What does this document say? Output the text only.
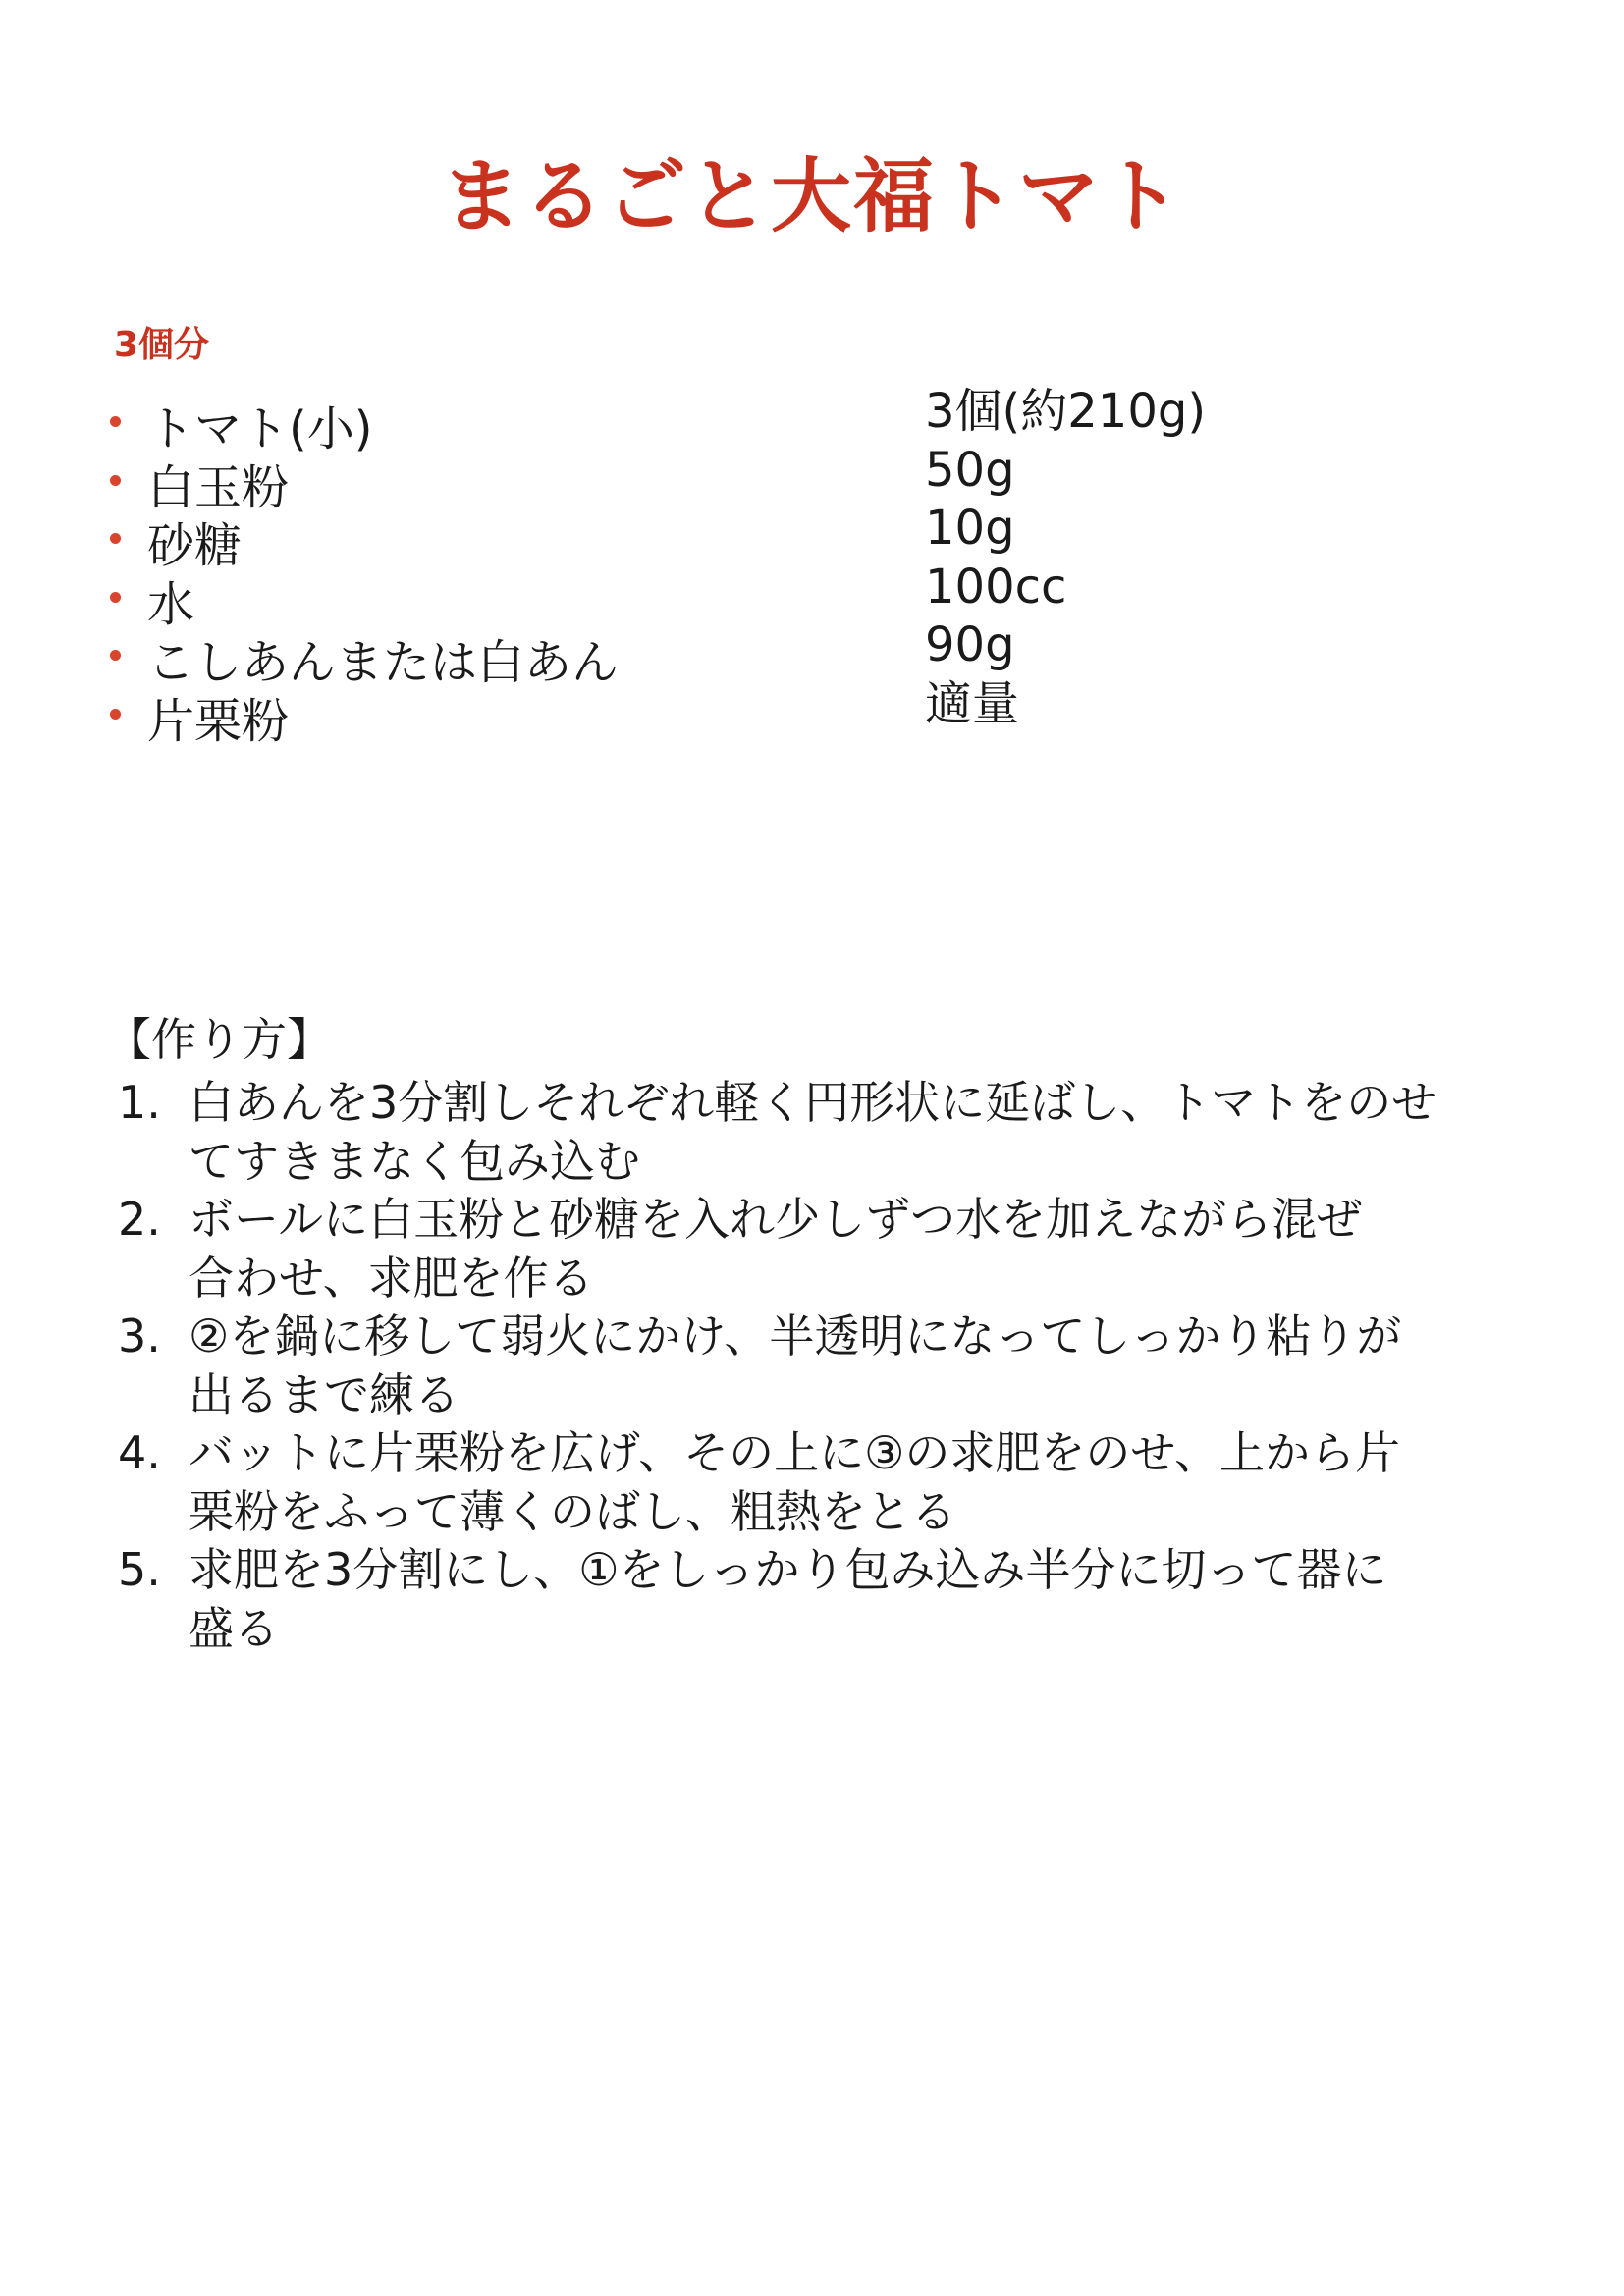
まるごと大福トマト
3個分
トマト(小)	3個(約210g)
白玉粉	50g
砂糖	10g
水	100cc
こしあんまたは白あん	90g
片栗粉	適量
【作り方】
1. 白あんを3分割しそれぞれ軽く円形状に延ばし、トマトをのせ
てすきまなく包み込む
2. ボールに白玉粉と砂糖を入れ少しずつ水を加えながら混ぜ
合わせ、求肥を作る
3. ②を鍋に移して弱火にかけ、半透明になってしっかり粘りが
出るまで練る
4. バットに片栗粉を広げ、その上に③の求肥をのせ、上から片
栗粉をふって薄くのばし、粗熱をとる
5. 求肥を3分割にし、①をしっかり包み込み半分に切って器に
盛る
